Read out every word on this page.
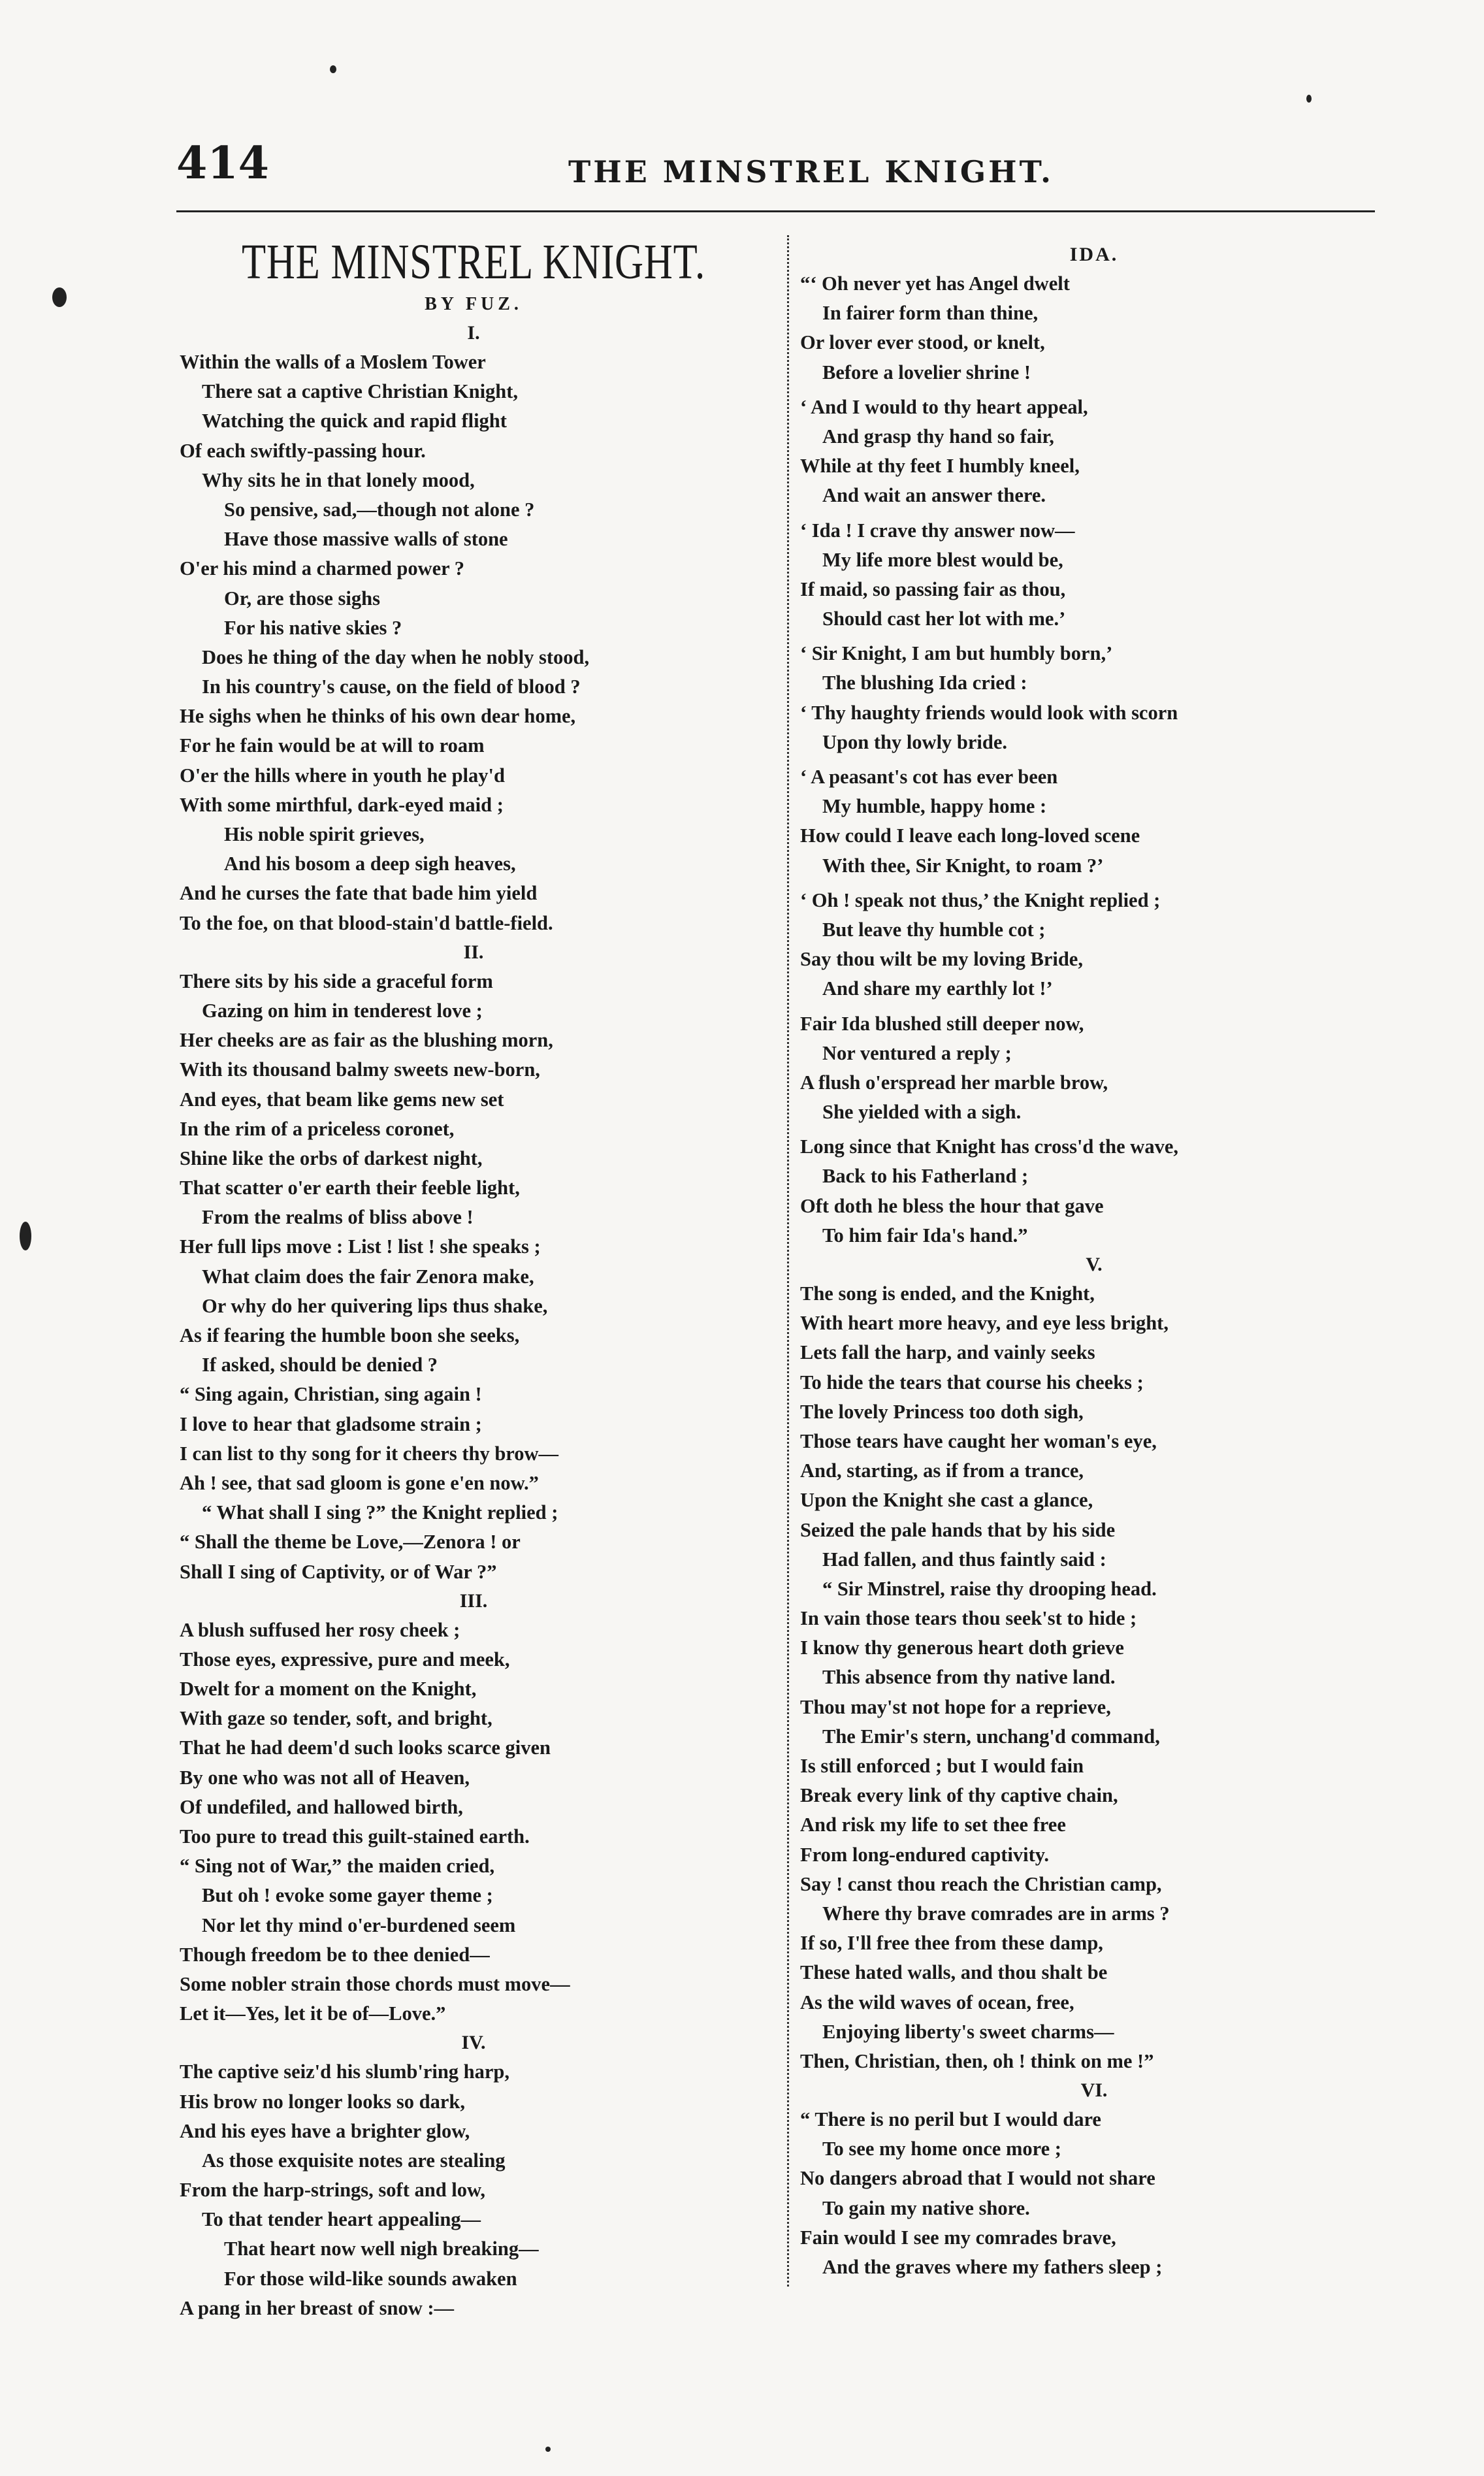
414	THE MINSTREL KNIGHT.
THE MINSTREL KNIGHT.
BY FUZ.
I.
Within the walls of a Moslem Tower
There sat a captive Christian Knight,
Watching the quick and rapid flight
Of each swiftly-passing hour.
Why sits he in that lonely mood,
So pensive, sad,—though not alone ?
Have those massive walls of stone
O'er his mind a charmed power ?
Or, are those sighs
For his native skies ?
Does he thing of the day when he nobly stood,
In his country's cause, on the field of blood ?
He sighs when he thinks of his own dear home,
For he fain would be at will to roam
O'er the hills where in youth he play'd
With some mirthful, dark-eyed maid ;
His noble spirit grieves,
And his bosom a deep sigh heaves,
And he curses the fate that bade him yield
To the foe, on that blood-stain'd battle-field.
II.
There sits by his side a graceful form
Gazing on him in tenderest love ;
Her cheeks are as fair as the blushing morn,
With its thousand balmy sweets new-born,
And eyes, that beam like gems new set
In the rim of a priceless coronet,
Shine like the orbs of darkest night,
That scatter o'er earth their feeble light,
From the realms of bliss above !
Her full lips move : List ! list ! she speaks ;
What claim does the fair Zenora make,
Or why do her quivering lips thus shake,
As if fearing the humble boon she seeks,
If asked, should be denied ?
“ Sing again, Christian, sing again !
I love to hear that gladsome strain ;
I can list to thy song for it cheers thy brow—
Ah ! see, that sad gloom is gone e'en now.”
“ What shall I sing ?” the Knight replied ;
“ Shall the theme be Love,—Zenora ! or
Shall I sing of Captivity, or of War ?”
III.
A blush suffused her rosy cheek ;
Those eyes, expressive, pure and meek,
Dwelt for a moment on the Knight,
With gaze so tender, soft, and bright,
That he had deem'd such looks scarce given
By one who was not all of Heaven,
Of undefiled, and hallowed birth,
Too pure to tread this guilt-stained earth.
“ Sing not of War,” the maiden cried,
But oh ! evoke some gayer theme ;
Nor let thy mind o'er-burdened seem
Though freedom be to thee denied—
Some nobler strain those chords must move—
Let it—Yes, let it be of—Love.”
IV.
The captive seiz'd his slumb'ring harp,
His brow no longer looks so dark,
And his eyes have a brighter glow,
As those exquisite notes are stealing
From the harp-strings, soft and low,
To that tender heart appealing—
That heart now well nigh breaking—
For those wild-like sounds awaken
A pang in her breast of snow :—
IDA.
“‘ Oh never yet has Angel dwelt
In fairer form than thine,
Or lover ever stood, or knelt,
Before a lovelier shrine !
‘ And I would to thy heart appeal,
And grasp thy hand so fair,
While at thy feet I humbly kneel,
And wait an answer there.
‘ Ida ! I crave thy answer now—
My life more blest would be,
If maid, so passing fair as thou,
Should cast her lot with me.’
‘ Sir Knight, I am but humbly born,’
The blushing Ida cried :
‘ Thy haughty friends would look with scorn
Upon thy lowly bride.
‘ A peasant's cot has ever been
My humble, happy home :
How could I leave each long-loved scene
With thee, Sir Knight, to roam ?’
‘ Oh ! speak not thus,’ the Knight replied ;
But leave thy humble cot ;
Say thou wilt be my loving Bride,
And share my earthly lot !’
Fair Ida blushed still deeper now,
Nor ventured a reply ;
A flush o'erspread her marble brow,
She yielded with a sigh.
Long since that Knight has cross'd the wave,
Back to his Fatherland ;
Oft doth he bless the hour that gave
To him fair Ida's hand.”
V.
The song is ended, and the Knight,
With heart more heavy, and eye less bright,
Lets fall the harp, and vainly seeks
To hide the tears that course his cheeks ;
The lovely Princess too doth sigh,
Those tears have caught her woman's eye,
And, starting, as if from a trance,
Upon the Knight she cast a glance,
Seized the pale hands that by his side
Had fallen, and thus faintly said :
“ Sir Minstrel, raise thy drooping head.
In vain those tears thou seek'st to hide ;
I know thy generous heart doth grieve
This absence from thy native land.
Thou may'st not hope for a reprieve,
The Emir's stern, unchang'd command,
Is still enforced ; but I would fain
Break every link of thy captive chain,
And risk my life to set thee free
From long-endured captivity.
Say ! canst thou reach the Christian camp,
Where thy brave comrades are in arms ?
If so, I'll free thee from these damp,
These hated walls, and thou shalt be
As the wild waves of ocean, free,
Enjoying liberty's sweet charms—
Then, Christian, then, oh ! think on me !”
VI.
“ There is no peril but I would dare
To see my home once more ;
No dangers abroad that I would not share
To gain my native shore.
Fain would I see my comrades brave,
And the graves where my fathers sleep ;
